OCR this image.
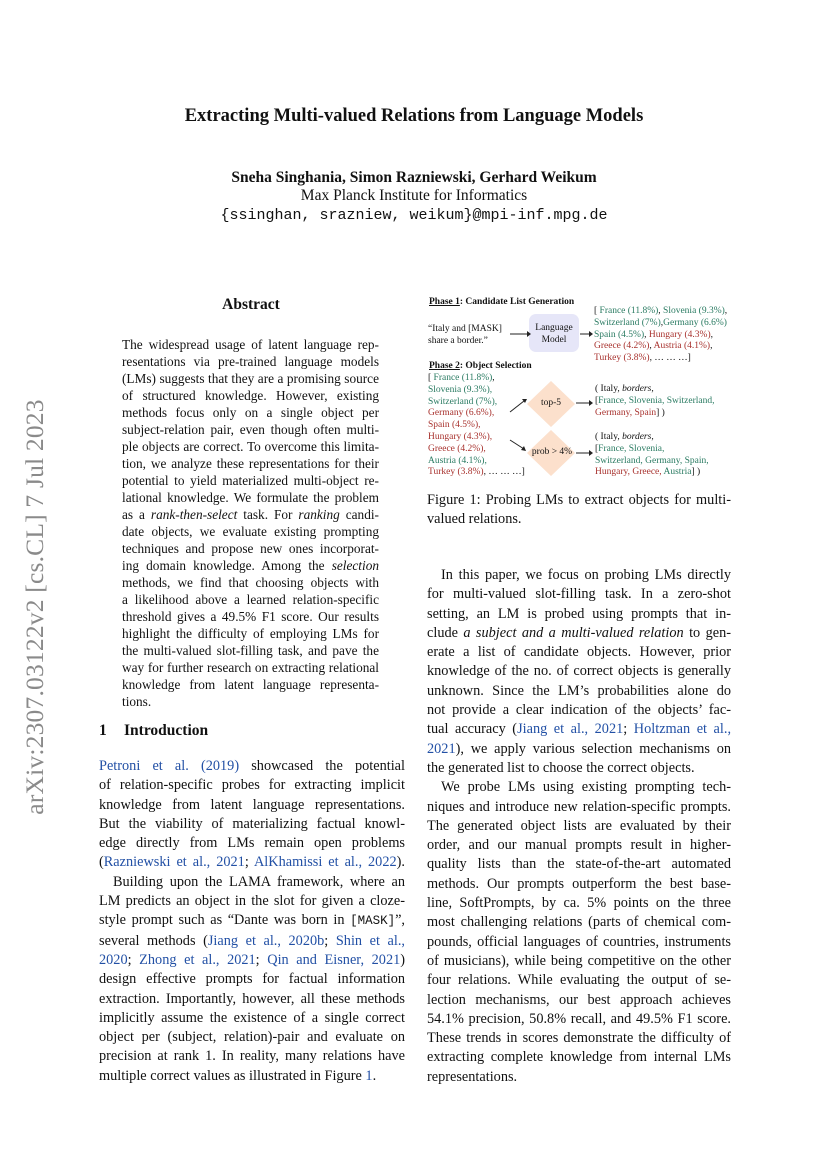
arXiv:2307.03122v2 [cs.CL] 7 Jul 2023
Extracting Multi-valued Relations from Language Models
Sneha Singhania, Simon Razniewski, Gerhard Weikum
Max Planck Institute for Informatics
{ssinghan, srazniew, weikum}@mpi-inf.mpg.de
Abstract
The widespread usage of latent language rep-
resentations via pre-trained language models
(LMs) suggests that they are a promising source
of structured knowledge. However, existing
methods focus only on a single object per
subject-relation pair, even though often multi-
ple objects are correct. To overcome this limita-
tion, we analyze these representations for their
potential to yield materialized multi-object re-
lational knowledge. We formulate the problem
as a rank-then-select task. For ranking candi-
date objects, we evaluate existing prompting
techniques and propose new ones incorporat-
ing domain knowledge. Among the selection
methods, we find that choosing objects with
a likelihood above a learned relation-specific
threshold gives a 49.5% F1 score. Our results
highlight the difficulty of employing LMs for
the multi-valued slot-filling task, and pave the
way for further research on extracting relational
knowledge from latent language representa-
tions.
1 Introduction
Petroni et al. (2019) showcased the potential
of relation-specific probes for extracting implicit
knowledge from latent language representations.
But the viability of materializing factual knowl-
edge directly from LMs remain open problems
(Razniewski et al., 2021; AlKhamissi et al., 2022).
Building upon the LAMA framework, where an
LM predicts an object in the slot for given a cloze-
style prompt such as “Dante was born in [MASK]”,
several methods (Jiang et al., 2020b; Shin et al.,
2020; Zhong et al., 2021; Qin and Eisner, 2021)
design effective prompts for factual information
extraction. Importantly, however, all these methods
implicitly assume the existence of a single correct
object per (subject, relation)-pair and evaluate on
precision at rank 1. In reality, many relations have
multiple correct values as illustrated in Figure 1.
Phase 1: Candidate List Generation
“Italy and [MASK]
share a border.”
Language
Model
[ France (11.8%), Slovenia (9.3%),
Switzerland (7%),Germany (6.6%)
Spain (4.5%), Hungary (4.3%),
Greece (4.2%), Austria (4.1%),
Turkey (3.8%), … … …]
Phase 2: Object Selection
[ France (11.8%),
Slovenia (9.3%),
Switzerland (7%),
Germany (6.6%),
Spain (4.5%),
Hungary (4.3%),
Greece (4.2%),
Austria (4.1%),
Turkey (3.8%), … … …]
top-5
prob > 4%
( Italy, borders,
[France, Slovenia, Switzerland,
Germany, Spain] )
( Italy, borders,
[France, Slovenia,
Switzerland, Germany, Spain,
Hungary, Greece, Austria] )
Figure 1: Probing LMs to extract objects for multi-
valued relations.
In this paper, we focus on probing LMs directly
for multi-valued slot-filling task. In a zero-shot
setting, an LM is probed using prompts that in-
clude a subject and a multi-valued relation to gen-
erate a list of candidate objects. However, prior
knowledge of the no. of correct objects is generally
unknown. Since the LM’s probabilities alone do
not provide a clear indication of the objects’ fac-
tual accuracy (Jiang et al., 2021; Holtzman et al.,
2021), we apply various selection mechanisms on
the generated list to choose the correct objects.
We probe LMs using existing prompting tech-
niques and introduce new relation-specific prompts.
The generated object lists are evaluated by their
order, and our manual prompts result in higher-
quality lists than the state-of-the-art automated
methods. Our prompts outperform the best base-
line, SoftPrompts, by ca. 5% points on the three
most challenging relations (parts of chemical com-
pounds, official languages of countries, instruments
of musicians), while being competitive on the other
four relations. While evaluating the output of se-
lection mechanisms, our best approach achieves
54.1% precision, 50.8% recall, and 49.5% F1 score.
These trends in scores demonstrate the difficulty of
extracting complete knowledge from internal LMs
representations.
